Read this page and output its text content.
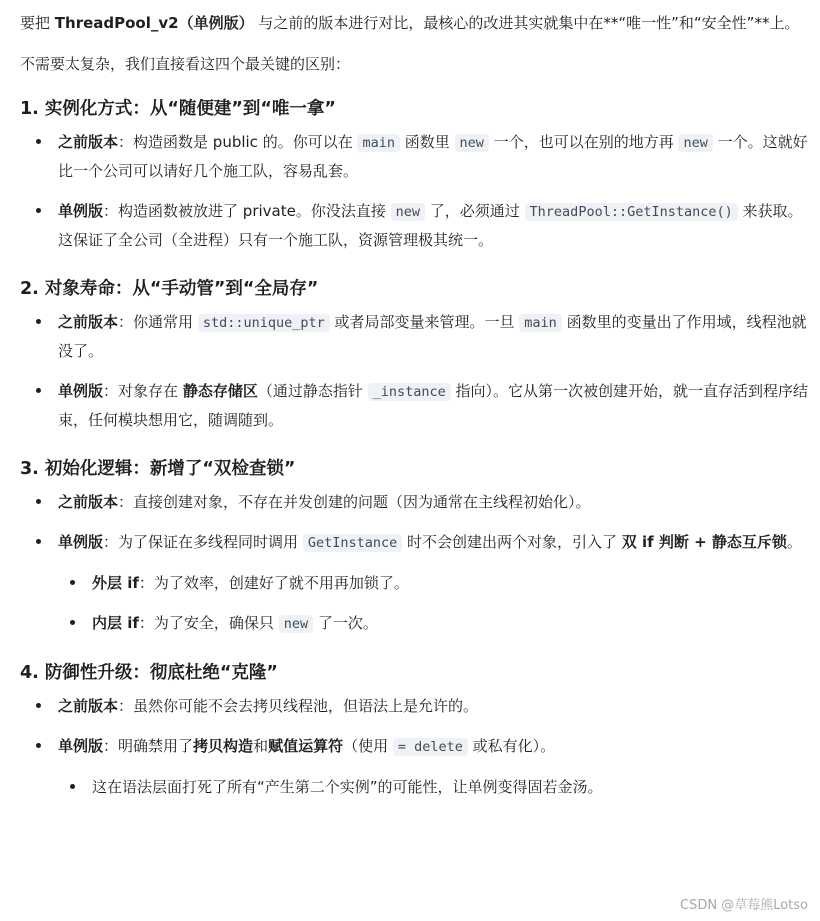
要把 ThreadPool_v2（单例版） 与之前的版本进行对比，最核心的改进其实就集中在**“唯一性”和“安全性”**上。

不需要太复杂，我们直接看这四个最关键的区别：

1. 实例化方式：从“随便建”到“唯一拿”
之前版本：构造函数是 public 的。你可以在 main 函数里 new 一个，也可以在别的地方再 new 一个。这就好比一个公司可以请好几个施工队，容易乱套。
单例版：构造函数被放进了 private。你没法直接 new 了，必须通过 ThreadPool::GetInstance() 来获取。这保证了全公司（全进程）只有一个施工队，资源管理极其统一。
2. 对象寿命：从“手动管”到“全局存”
之前版本：你通常用 std::unique_ptr 或者局部变量来管理。一旦 main 函数里的变量出了作用域，线程池就没了。
单例版：对象存在 静态存储区（通过静态指针 _instance 指向）。它从第一次被创建开始，就一直存活到程序结束，任何模块想用它，随调随到。
3. 初始化逻辑：新增了“双检查锁”
之前版本：直接创建对象，不存在并发创建的问题（因为通常在主线程初始化）。
单例版：为了保证在多线程同时调用 GetInstance 时不会创建出两个对象，引入了 双 if 判断 + 静态互斥锁。
外层 if：为了效率，创建好了就不用再加锁了。
内层 if：为了安全，确保只 new 了一次。
4. 防御性升级：彻底杜绝“克隆”
之前版本：虽然你可能不会去拷贝线程池，但语法上是允许的。
单例版：明确禁用了拷贝构造和赋值运算符（使用 = delete 或私有化）。
这在语法层面打死了所有“产生第二个实例”的可能性，让单例变得固若金汤。
CSDN @草莓熊Lotso
